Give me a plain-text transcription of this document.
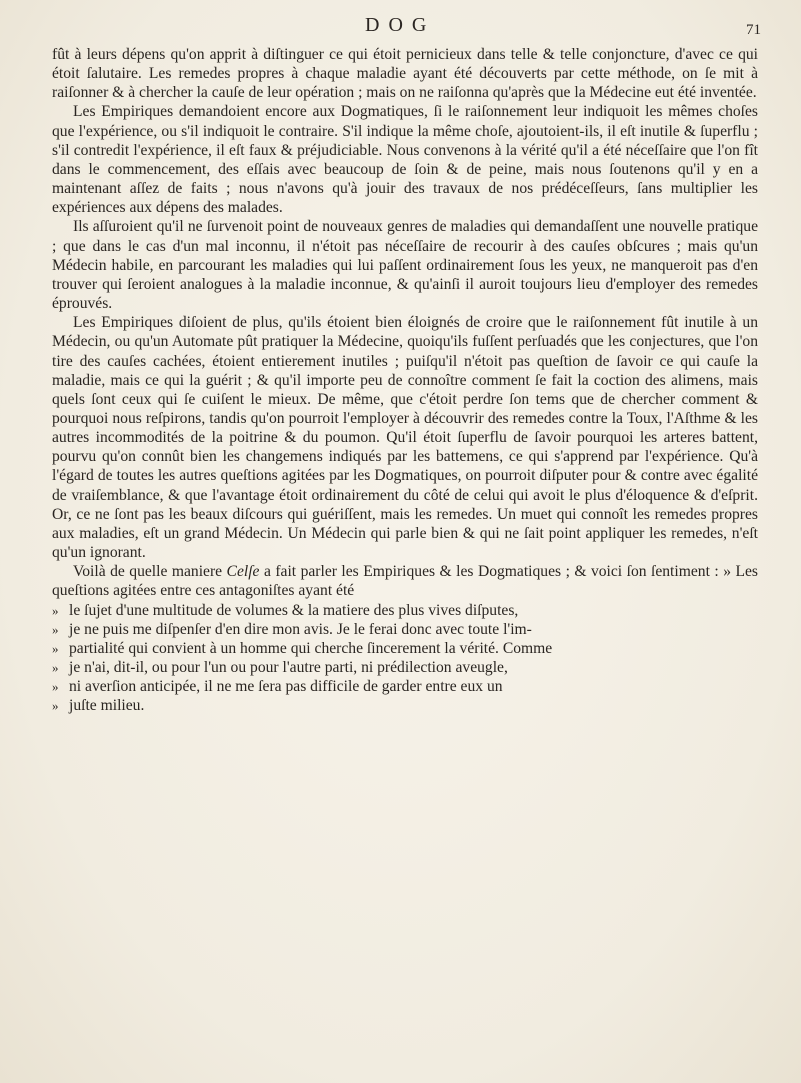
DOG	71

fût à leurs dépens qu'on apprit à diſtinguer ce qui étoit pernicieux dans telle & telle conjoncture, d'avec ce qui étoit ſalutaire. Les remedes propres à chaque maladie ayant été découverts par cette méthode, on ſe mit à raiſonner & à chercher la cauſe de leur opération ; mais on ne raiſonna qu'après que la Médecine eut été inventée.

Les Empiriques demandoient encore aux Dogmatiques, ſi le raiſonnement leur indiquoit les mêmes choſes que l'expérience, ou s'il indiquoit le contraire. S'il indique la même choſe, ajoutoient-ils, il eſt inutile & ſuperflu ; s'il contredit l'expérience, il eſt faux & préjudiciable. Nous convenons à la vérité qu'il a été néceſſaire que l'on fît dans le commencement, des eſſais avec beaucoup de ſoin & de peine, mais nous ſoutenons qu'il y en a maintenant aſſez de faits ; nous n'avons qu'à jouir des travaux de nos prédéceſſeurs, ſans multiplier les expériences aux dépens des malades.

Ils aſſuroient qu'il ne ſurvenoit point de nouveaux genres de maladies qui demandaſſent une nouvelle pratique ; que dans le cas d'un mal inconnu, il n'étoit pas néceſſaire de recourir à des cauſes obſcures ; mais qu'un Médecin habile, en parcourant les maladies qui lui paſſent ordinairement ſous les yeux, ne manqueroit pas d'en trouver qui ſeroient analogues à la maladie inconnue, & qu'ainſi il auroit toujours lieu d'employer des remedes éprouvés.

Les Empiriques diſoient de plus, qu'ils étoient bien éloignés de croire que le raiſonnement fût inutile à un Médecin, ou qu'un Automate pût pratiquer la Médecine, quoiqu'ils fuſſent perſuadés que les conjectures, que l'on tire des cauſes cachées, étoient entierement inutiles ; puiſqu'il n'étoit pas queſtion de ſavoir ce qui cauſe la maladie, mais ce qui la guérit ; & qu'il importe peu de connoître comment ſe fait la coction des alimens, mais quels ſont ceux qui ſe cuiſent le mieux. De même, que c'étoit perdre ſon tems que de chercher comment & pourquoi nous reſpirons, tandis qu'on pourroit l'employer à découvrir des remedes contre la Toux, l'Aſthme & les autres incommodités de la poitrine & du poumon. Qu'il étoit ſuperflu de ſavoir pourquoi les arteres battent, pourvu qu'on connût bien les changemens indiqués par les battemens, ce qui s'apprend par l'expérience. Qu'à l'égard de toutes les autres queſtions agitées par les Dogmatiques, on pourroit diſputer pour & contre avec égalité de vraiſemblance, & que l'avantage étoit ordinairement du côté de celui qui avoit le plus d'éloquence & d'eſprit. Or, ce ne ſont pas les beaux diſcours qui guériſſent, mais les remedes. Un muet qui connoît les remedes propres aux maladies, eſt un grand Médecin. Un Médecin qui parle bien & qui ne ſait point appliquer les remedes, n'eſt qu'un ignorant.

Voilà de quelle maniere Celſe a fait parler les Empiriques & les Dogmatiques ; & voici ſon ſentiment : » Les queſtions agitées entre ces antagoniſtes ayant été
» le ſujet d'une multitude de volumes & la matiere des plus vives diſputes,
» je ne puis me diſpenſer d'en dire mon avis. Je le ferai donc avec toute l'im-
» partialité qui convient à un homme qui cherche ſincerement la vérité. Comme
» je n'ai, dit-il, ou pour l'un ou pour l'autre parti, ni prédilection aveugle,
» ni averſion anticipée, il ne me ſera pas difficile de garder entre eux un
» juſte milieu.
